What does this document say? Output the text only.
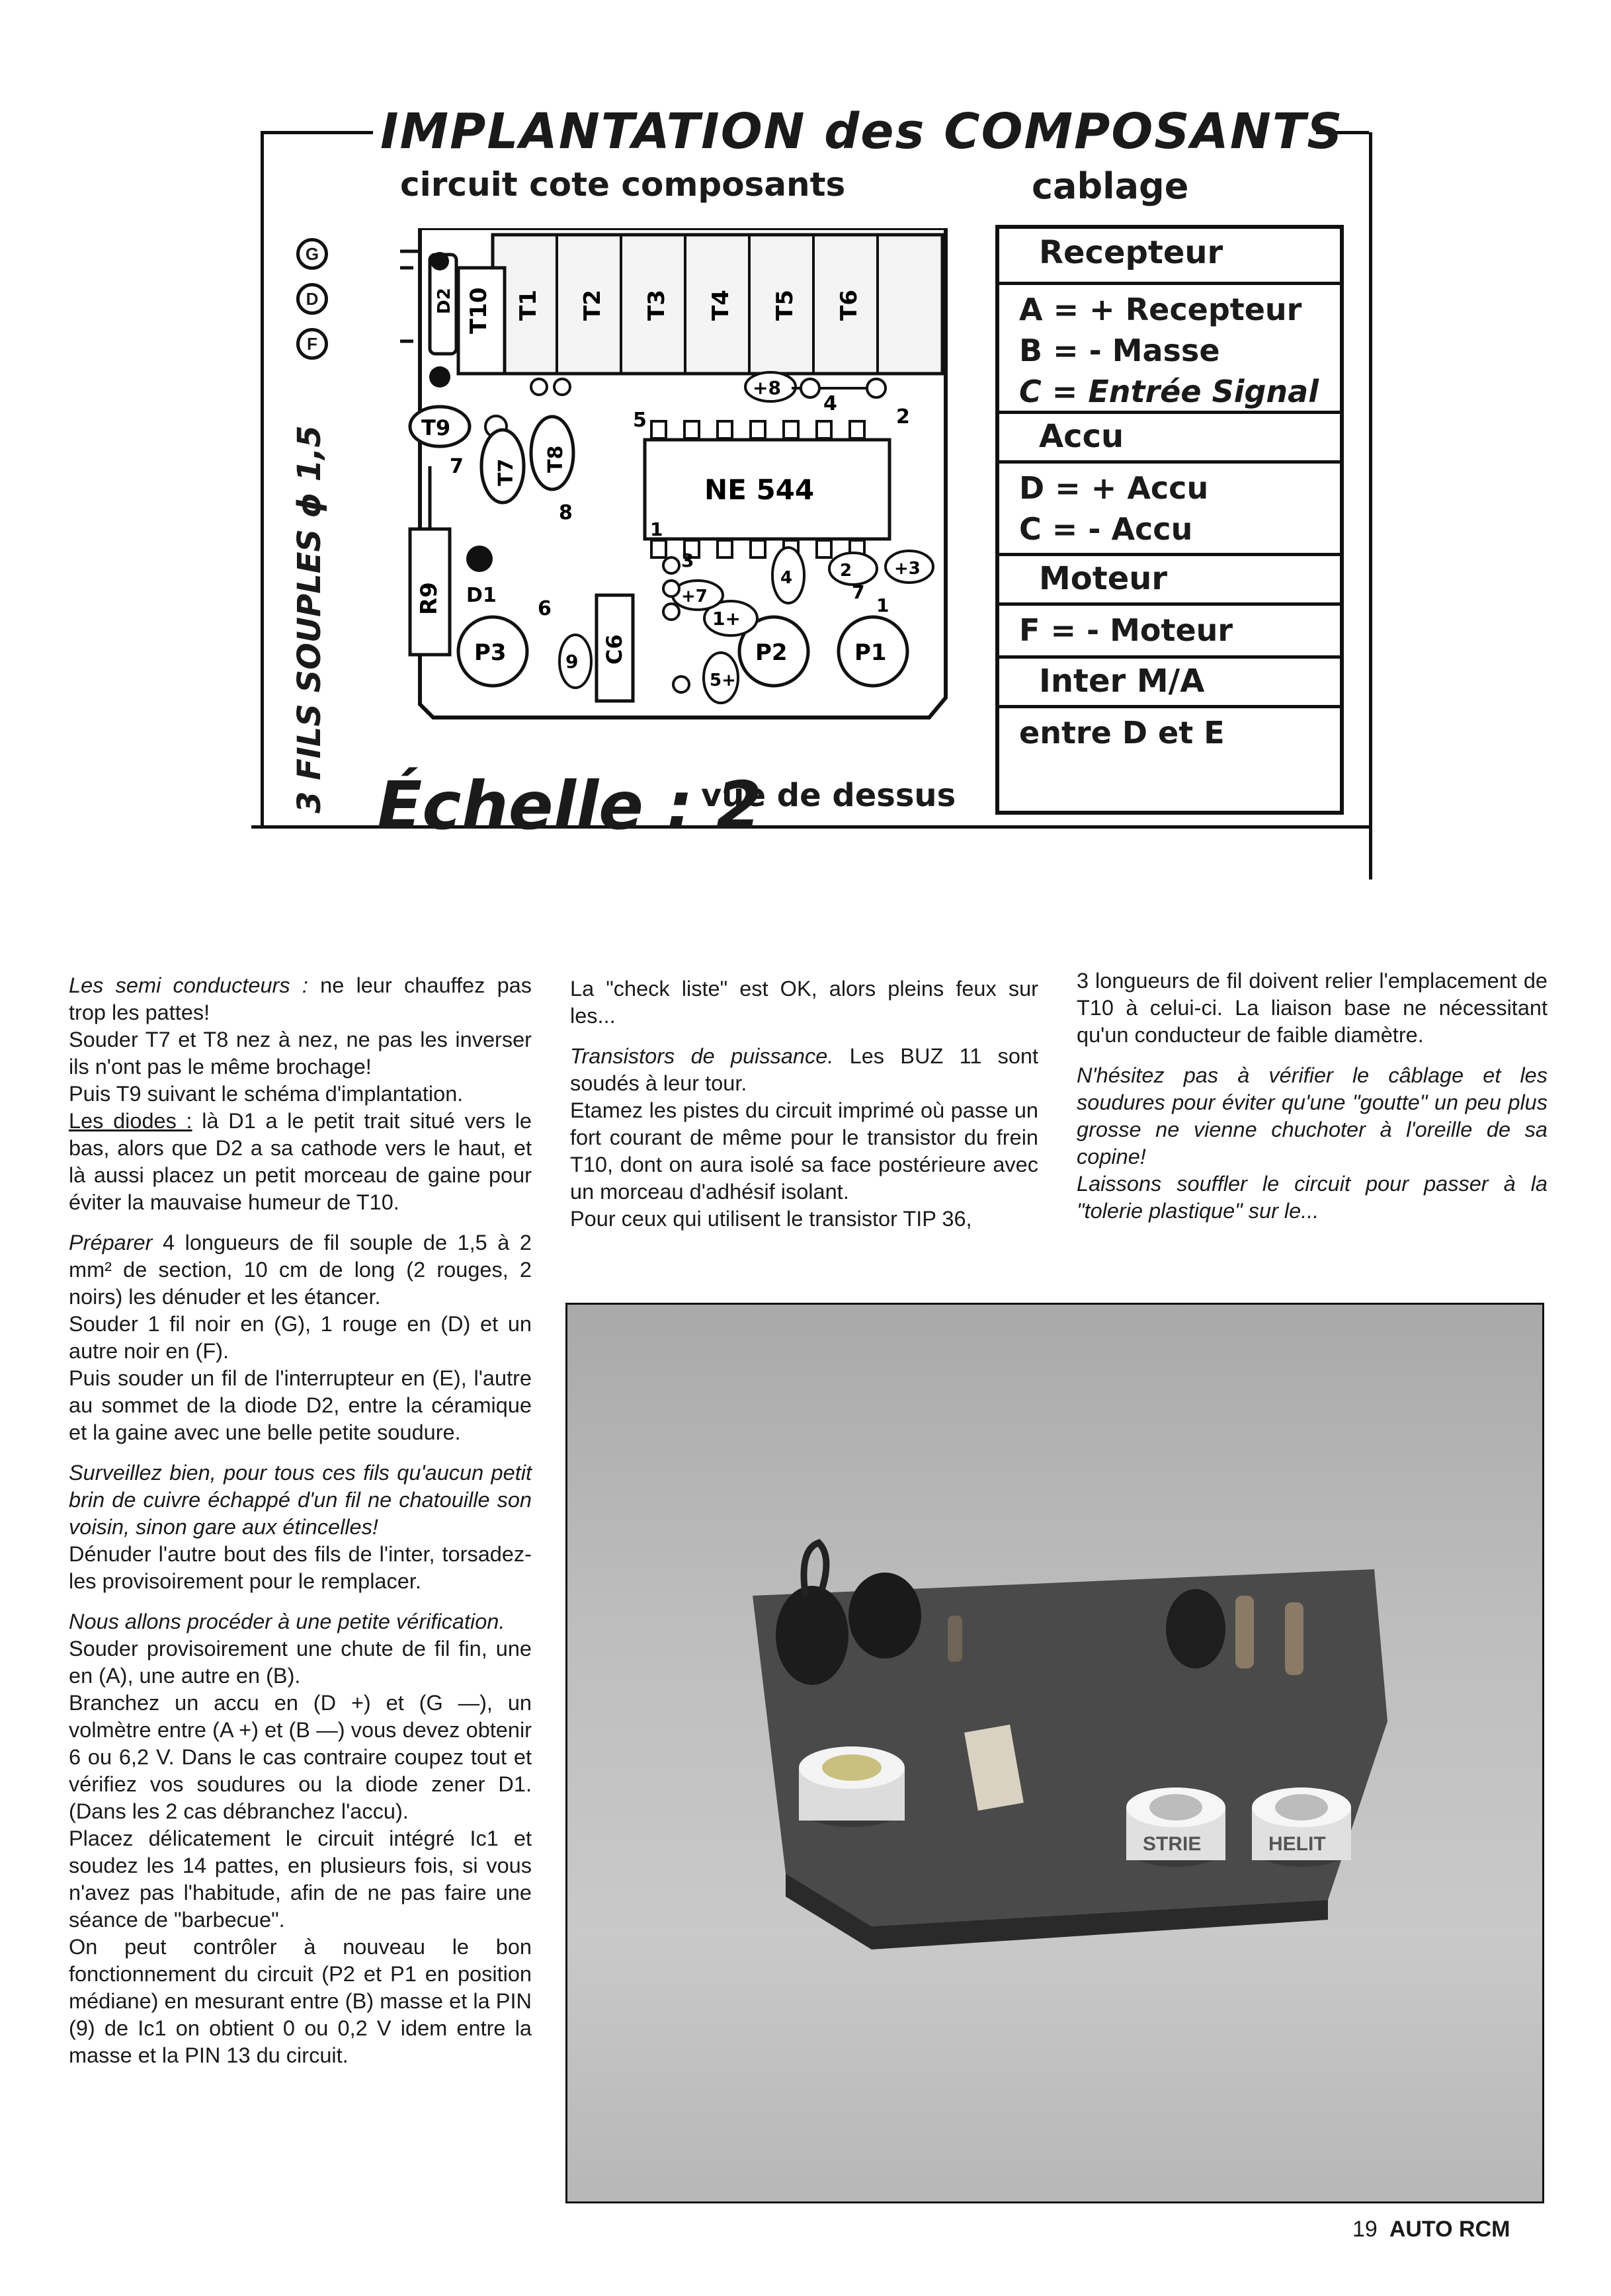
IMPLANTATION des COMPOSANTS
circuit cote composants	cablage
G
D
F
3 FILS SOUPLES ϕ 1,5
T10 T1 T2 T3 T4 T5 T6
D2
+8
4
NE 544
5	2
1
T9
7 T7 T8
8
R9 D1
6
P3	P2	P1
C6
9
1+
5+
+7
4	2 +3
1
3
7
Échelle : 2
vue de dessus
Recepteur
A = + Recepteur
B = - Masse
C = Entrée Signal
Accu
D = + Accu
C = - Accu
Moteur
F = - Moteur
Inter M/A
entre D et E

Les semi conducteurs : ne leur chauffez pas trop les pattes!
Souder T7 et T8 nez à nez, ne pas les inverser ils n'ont pas le même brochage!
Puis T9 suivant le schéma d'implantation.
Les diodes : là D1 a le petit trait situé vers le bas, alors que D2 a sa cathode vers le haut, et là aussi placez un petit morceau de gaine pour éviter la mauvaise humeur de T10.

Préparer 4 longueurs de fil souple de 1,5 à 2 mm² de section, 10 cm de long (2 rouges, 2 noirs) les dénuder et les étancer.
Souder 1 fil noir en (G), 1 rouge en (D) et un autre noir en (F).
Puis souder un fil de l'interrupteur en (E), l'autre au sommet de la diode D2, entre la céramique et la gaine avec une belle petite soudure.

Surveillez bien, pour tous ces fils qu'aucun petit brin de cuivre échappé d'un fil ne chatouille son voisin, sinon gare aux étincelles!
Dénuder l'autre bout des fils de l'inter, torsadez-les provisoirement pour le remplacer.

Nous allons procéder à une petite vérification.
Souder provisoirement une chute de fil fin, une en (A), une autre en (B).
Branchez un accu en (D +) et (G —), un volmètre entre (A +) et (B —) vous devez obtenir 6 ou 6,2 V. Dans le cas contraire coupez tout et vérifiez vos soudures ou la diode zener D1. (Dans les 2 cas débranchez l'accu).
Placez délicatement le circuit intégré Ic1 et soudez les 14 pattes, en plusieurs fois, si vous n'avez pas l'habitude, afin de ne pas faire une séance de "barbecue".
On peut contrôler à nouveau le bon fonctionnement du circuit (P2 et P1 en position médiane) en mesurant entre (B) masse et la PIN (9) de Ic1 on obtient 0 ou 0,2 V idem entre la masse et la PIN 13 du circuit.

La "check liste" est OK, alors pleins feux sur les...

Transistors de puissance. Les BUZ 11 sont soudés à leur tour.
Etamez les pistes du circuit imprimé où passe un fort courant de même pour le transistor du frein T10, dont on aura isolé sa face postérieure avec un morceau d'adhésif isolant.
Pour ceux qui utilisent le transistor TIP 36,

3 longueurs de fil doivent relier l'emplacement de T10 à celui-ci. La liaison base ne nécessitant qu'un conducteur de faible diamètre.

N'hésitez pas à vérifier le câblage et les soudures pour éviter qu'une "goutte" un peu plus grosse ne vienne chuchoter à l'oreille de sa copine!
Laissons souffler le circuit pour passer à la "tolerie plastique" sur le...

STRIE	HELIT
19 AUTO RCM
